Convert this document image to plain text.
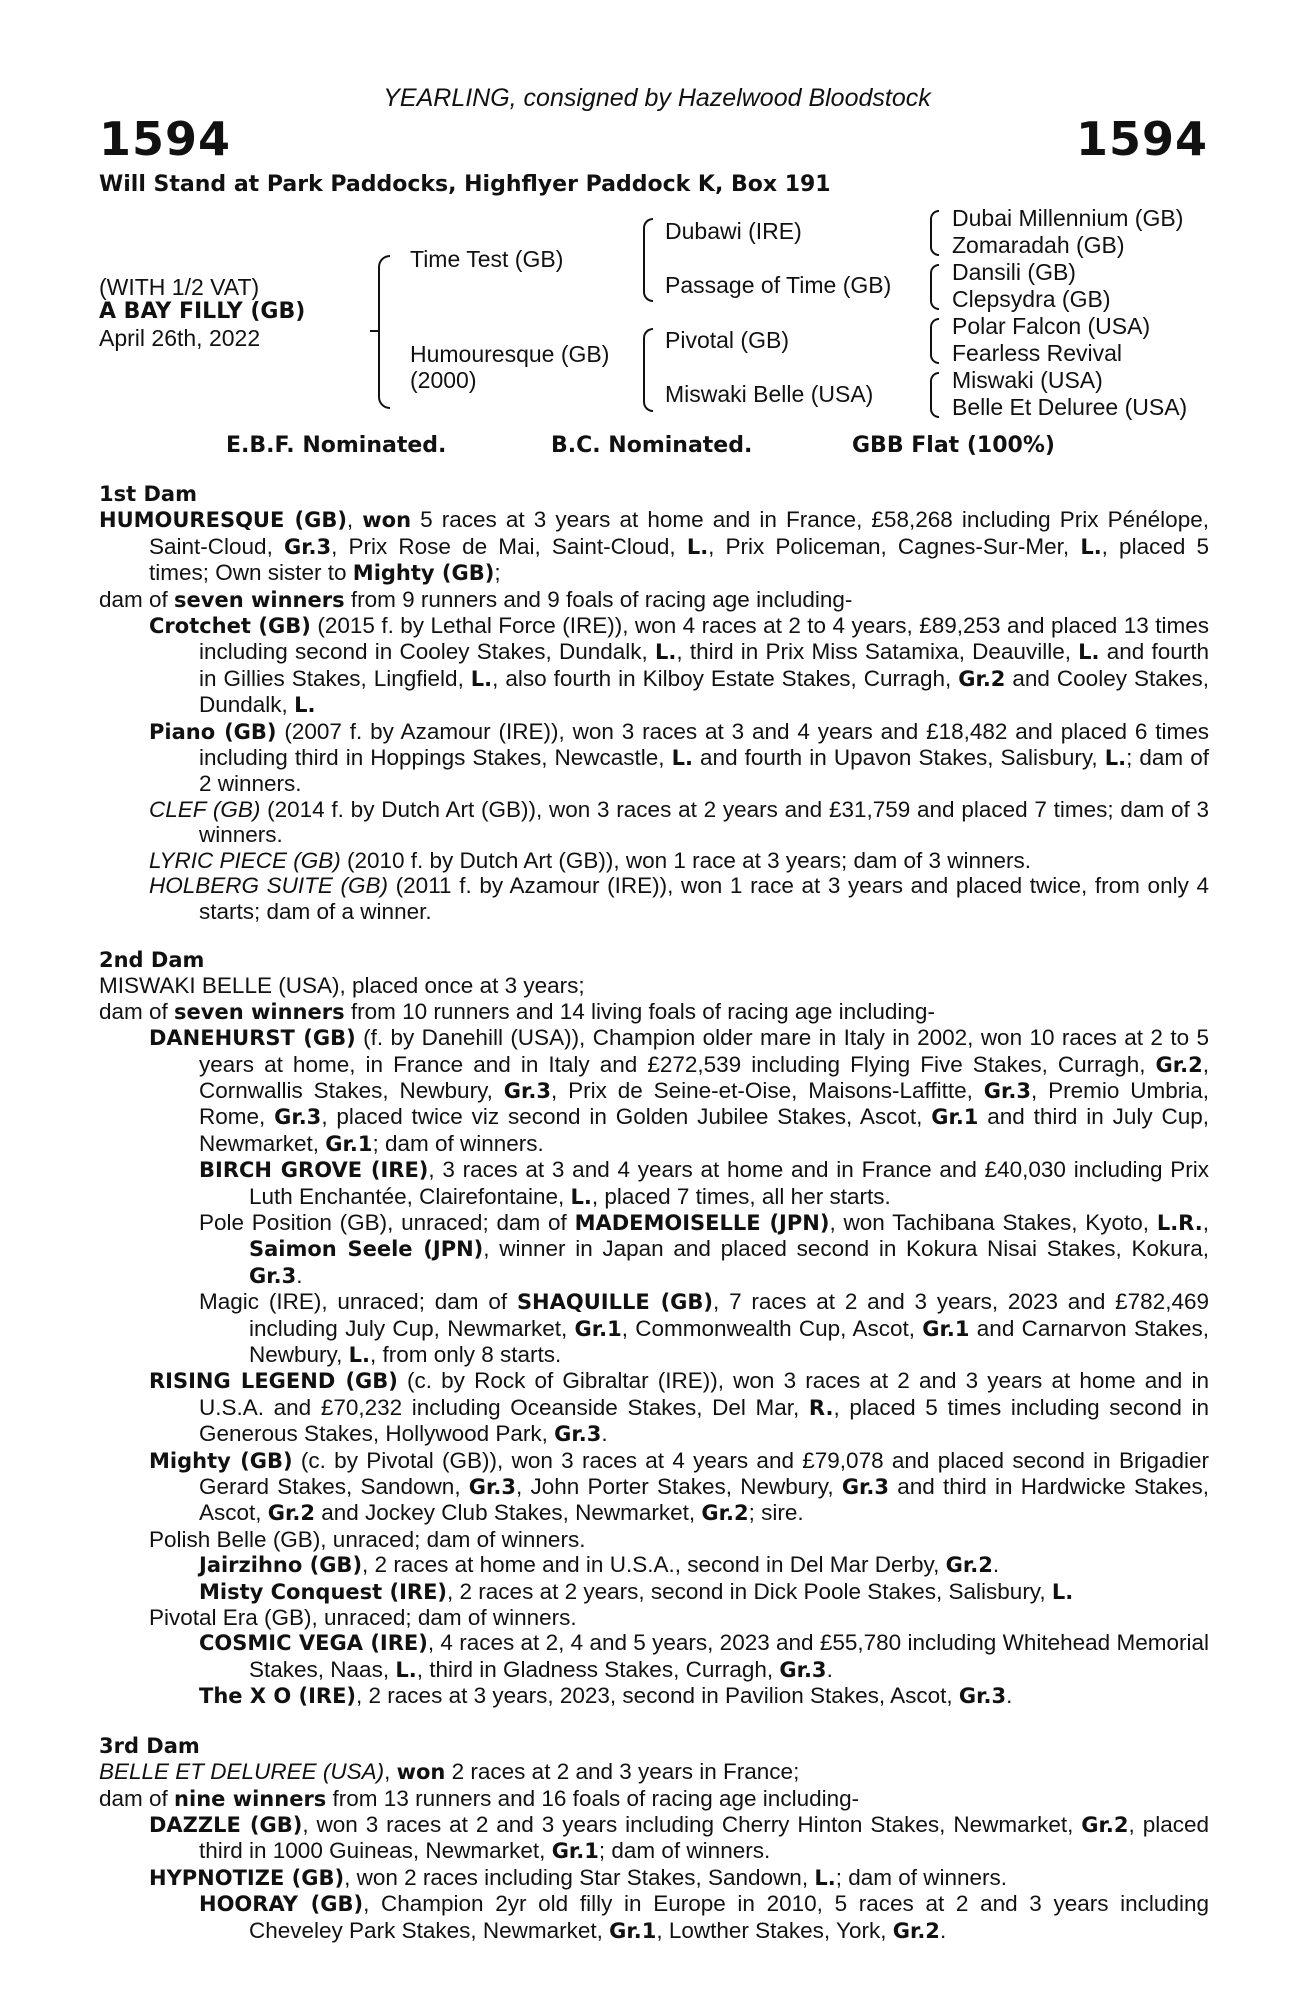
YEARLING, consigned by Hazelwood Bloodstock
1594	1594
Will Stand at Park Paddocks, Highflyer Paddock K, Box 191
(WITH 1/2 VAT)
A BAY FILLY (GB)
April 26th, 2022
Time Test (GB)
Humouresque (GB)
(2000)
Dubawi (IRE)
Passage of Time (GB)
Pivotal (GB)
Miswaki Belle (USA)
Dubai Millennium (GB)
Zomaradah (GB)
Dansili (GB)
Clepsydra (GB)
Polar Falcon (USA)
Fearless Revival
Miswaki (USA)
Belle Et Deluree (USA)
E.B.F. Nominated.	B.C. Nominated.	GBB Flat (100%)
1st Dam

HUMOURESQUE (GB), won 5 races at 3 years at home and in France, £58,268 including Prix Pénélope, Saint-Cloud, Gr.3, Prix Rose de Mai, Saint-Cloud, L., Prix Policeman, Cagnes-Sur-Mer, L., placed 5 times; Own sister to Mighty (GB);

dam of seven winners from 9 runners and 9 foals of racing age including-

Crotchet (GB) (2015 f. by Lethal Force (IRE)), won 4 races at 2 to 4 years, £89,253 and placed 13 times including second in Cooley Stakes, Dundalk, L., third in Prix Miss Satamixa, Deauville, L. and fourth in Gillies Stakes, Lingfield, L., also fourth in Kilboy Estate Stakes, Curragh, Gr.2 and Cooley Stakes, Dundalk, L.

Piano (GB) (2007 f. by Azamour (IRE)), won 3 races at 3 and 4 years and £18,482 and placed 6 times including third in Hoppings Stakes, Newcastle, L. and fourth in Upavon Stakes, Salisbury, L.; dam of 2 winners.

CLEF (GB) (2014 f. by Dutch Art (GB)), won 3 races at 2 years and £31,759 and placed 7 times; dam of 3 winners.

LYRIC PIECE (GB) (2010 f. by Dutch Art (GB)), won 1 race at 3 years; dam of 3 winners.

HOLBERG SUITE (GB) (2011 f. by Azamour (IRE)), won 1 race at 3 years and placed twice, from only 4 starts; dam of a winner.

2nd Dam

MISWAKI BELLE (USA), placed once at 3 years;

dam of seven winners from 10 runners and 14 living foals of racing age including-

DANEHURST (GB) (f. by Danehill (USA)), Champion older mare in Italy in 2002, won 10 races at 2 to 5 years at home, in France and in Italy and £272,539 including Flying Five Stakes, Curragh, Gr.2, Cornwallis Stakes, Newbury, Gr.3, Prix de Seine-et-Oise, Maisons-Laffitte, Gr.3, Premio Umbria, Rome, Gr.3, placed twice viz second in Golden Jubilee Stakes, Ascot, Gr.1 and third in July Cup, Newmarket, Gr.1; dam of winners.

BIRCH GROVE (IRE), 3 races at 3 and 4 years at home and in France and £40,030 including Prix Luth Enchantée, Clairefontaine, L., placed 7 times, all her starts.

Pole Position (GB), unraced; dam of MADEMOISELLE (JPN), won Tachibana Stakes, Kyoto, L.R., Saimon Seele (JPN), winner in Japan and placed second in Kokura Nisai Stakes, Kokura, Gr.3.

Magic (IRE), unraced; dam of SHAQUILLE (GB), 7 races at 2 and 3 years, 2023 and £782,469 including July Cup, Newmarket, Gr.1, Commonwealth Cup, Ascot, Gr.1 and Carnarvon Stakes, Newbury, L., from only 8 starts.

RISING LEGEND (GB) (c. by Rock of Gibraltar (IRE)), won 3 races at 2 and 3 years at home and in U.S.A. and £70,232 including Oceanside Stakes, Del Mar, R., placed 5 times including second in Generous Stakes, Hollywood Park, Gr.3.

Mighty (GB) (c. by Pivotal (GB)), won 3 races at 4 years and £79,078 and placed second in Brigadier Gerard Stakes, Sandown, Gr.3, John Porter Stakes, Newbury, Gr.3 and third in Hardwicke Stakes, Ascot, Gr.2 and Jockey Club Stakes, Newmarket, Gr.2; sire.

Polish Belle (GB), unraced; dam of winners.

Jairzihno (GB), 2 races at home and in U.S.A., second in Del Mar Derby, Gr.2.

Misty Conquest (IRE), 2 races at 2 years, second in Dick Poole Stakes, Salisbury, L.

Pivotal Era (GB), unraced; dam of winners.

COSMIC VEGA (IRE), 4 races at 2, 4 and 5 years, 2023 and £55,780 including Whitehead Memorial Stakes, Naas, L., third in Gladness Stakes, Curragh, Gr.3.

The X O (IRE), 2 races at 3 years, 2023, second in Pavilion Stakes, Ascot, Gr.3.

3rd Dam

BELLE ET DELUREE (USA), won 2 races at 2 and 3 years in France;

dam of nine winners from 13 runners and 16 foals of racing age including-

DAZZLE (GB), won 3 races at 2 and 3 years including Cherry Hinton Stakes, Newmarket, Gr.2, placed third in 1000 Guineas, Newmarket, Gr.1; dam of winners.

HYPNOTIZE (GB), won 2 races including Star Stakes, Sandown, L.; dam of winners.

HOORAY (GB), Champion 2yr old filly in Europe in 2010, 5 races at 2 and 3 years including Cheveley Park Stakes, Newmarket, Gr.1, Lowther Stakes, York, Gr.2.
